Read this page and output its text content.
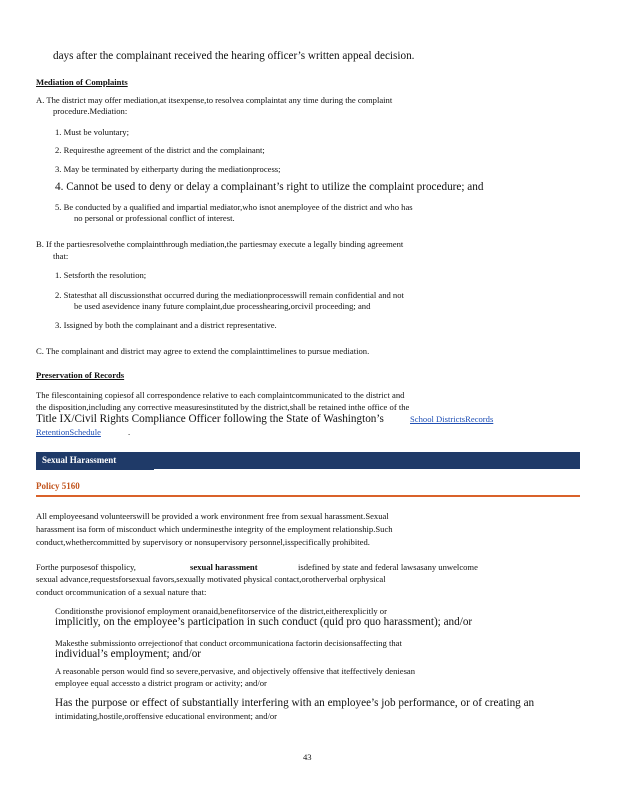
days after the complainant received the hearing officer’s written appeal decision.
Mediation of Complaints
A. The district may offer mediation,at itsexpense,to resolvea complaintat any time during the complaint
procedure.Mediation:
1. Must be voluntary;
2. Requiresthe agreement of the district and the complainant;
3. May be terminated by eitherparty during the mediationprocess;
4. Cannot be used to deny or delay a complainant’s right to utilize the complaint procedure; and
5. Be conducted by a qualified and impartial mediator,who isnot anemployee of the district and who has
no personal or professional conflict of interest.
B. If the partiesresolvethe complaintthrough mediation,the partiesmay execute a legally binding agreement
that:
1. Setsforth the resolution;
2. Statesthat all discussionsthat occurred during the mediationprocesswill remain confidential and not
be used asevidence inany future complaint,due processhearing,orcivil proceeding; and
3. Issigned by both the complainant and a district representative.
C. The complainant and district may agree to extend the complainttimelines to pursue mediation.
Preservation of Records
The filescontaining copiesof all correspondence relative to each complaintcommunicated to the district and
the disposition,including any corrective measuresinstituted by the district,shall be retained inthe office of the
Title IX/Civil Rights Compliance Officer following the State of Washington’s	School DistrictsRecords
RetentionSchedule	.
Sexual Harassment
Policy 5160
All employeesand volunteerswill be provided a work environment free from sexual harassment.Sexual
harassment isa form of misconduct which underminesthe integrity of the employment relationship.Such
conduct,whethercommitted by supervisory or nonsupervisory personnel,isspecifically prohibited.
Forthe purposesof thispolicy,	sexual harassment	isdefined by state and federal lawsasany unwelcome
sexual advance,requestsforsexual favors,sexually motivated physical contact,orotherverbal orphysical
conduct orcommunication of a sexual nature that:
Conditionsthe provisionof employment oranaid,benefitorservice of the district,eitherexplicitly or
implicitly, on the employee’s participation in such conduct (quid pro quo harassment); and/or
Makesthe submissionto orrejectionof that conduct orcommunicationa factorin decisionsaffecting that
individual’s employment; and/or
A reasonable person would find so severe,pervasive, and objectively offensive that iteffectively deniesan
employee equal accessto a district program or activity; and/or
Has the purpose or effect of substantially interfering with an employee’s job performance, or of creating an
intimidating,hostile,oroffensive educational environment; and/or
43
